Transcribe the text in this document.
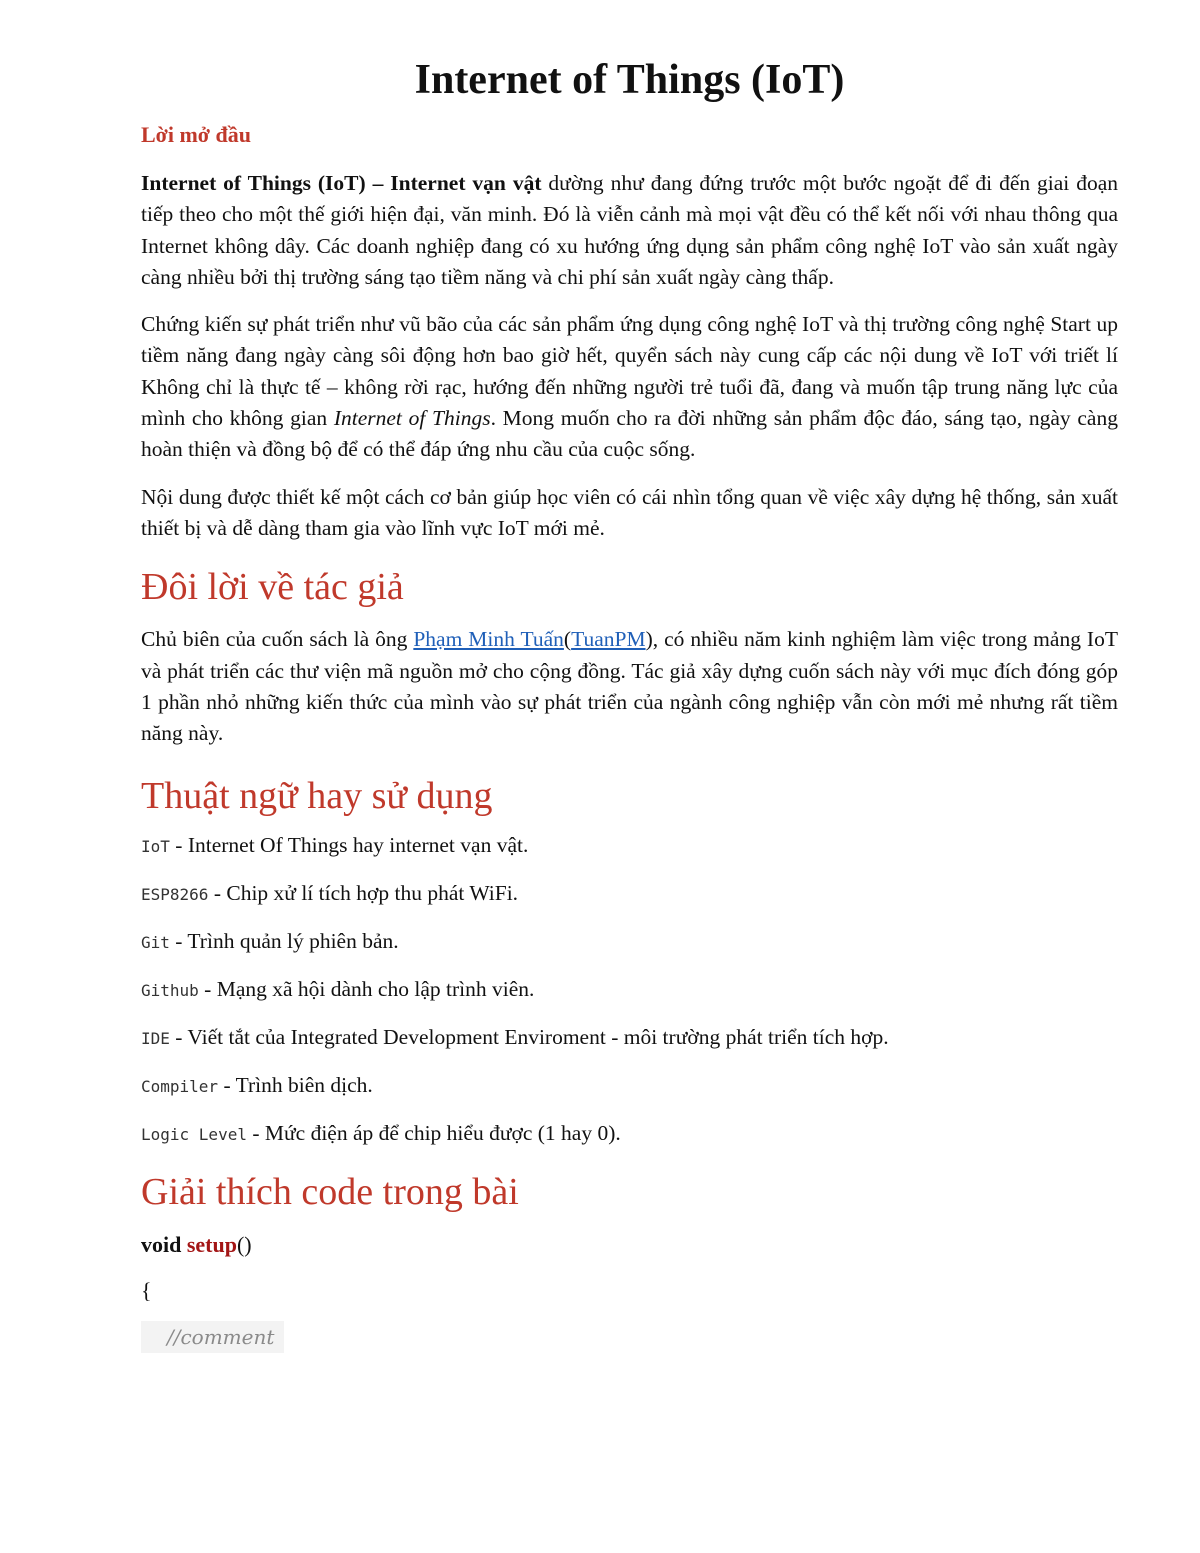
Internet of Things (IoT)
Lời mở đầu

Internet of Things (IoT) – Internet vạn vật dường như đang đứng trước một bước ngoặt để đi đến giai đoạn tiếp theo cho một thế giới hiện đại, văn minh. Đó là viễn cảnh mà mọi vật đều có thể kết nối với nhau thông qua Internet không dây. Các doanh nghiệp đang có xu hướng ứng dụng sản phẩm công nghệ IoT vào sản xuất ngày càng nhiều bởi thị trường sáng tạo tiềm năng và chi phí sản xuất ngày càng thấp.

Chứng kiến sự phát triển như vũ bão của các sản phẩm ứng dụng công nghệ IoT và thị trường công nghệ Start up tiềm năng đang ngày càng sôi động hơn bao giờ hết, quyển sách này cung cấp các nội dung về IoT với triết lí Không chỉ là thực tế – không rời rạc, hướng đến những người trẻ tuổi đã, đang và muốn tập trung năng lực của mình cho không gian Internet of Things. Mong muốn cho ra đời những sản phẩm độc đáo, sáng tạo, ngày càng hoàn thiện và đồng bộ để có thể đáp ứng nhu cầu của cuộc sống.

Nội dung được thiết kế một cách cơ bản giúp học viên có cái nhìn tổng quan về việc xây dựng hệ thống, sản xuất thiết bị và dễ dàng tham gia vào lĩnh vực IoT mới mẻ.

Đôi lời về tác giả

Chủ biên của cuốn sách là ông Phạm Minh Tuấn(TuanPM), có nhiều năm kinh nghiệm làm việc trong mảng IoT và phát triển các thư viện mã nguồn mở cho cộng đồng. Tác giả xây dựng cuốn sách này với mục đích đóng góp 1 phần nhỏ những kiến thức của mình vào sự phát triển của ngành công nghiệp vẫn còn mới mẻ nhưng rất tiềm năng này.

Thuật ngữ hay sử dụng
IoT - Internet Of Things hay internet vạn vật.
ESP8266 - Chip xử lí tích hợp thu phát WiFi.
Git - Trình quản lý phiên bản.
Github - Mạng xã hội dành cho lập trình viên.
IDE - Viết tắt của Integrated Development Enviroment - môi trường phát triển tích hợp.
Compiler - Trình biên dịch.
Logic Level - Mức điện áp để chip hiểu được (1 hay 0).
Giải thích code trong bài
void setup()
{
//comment
